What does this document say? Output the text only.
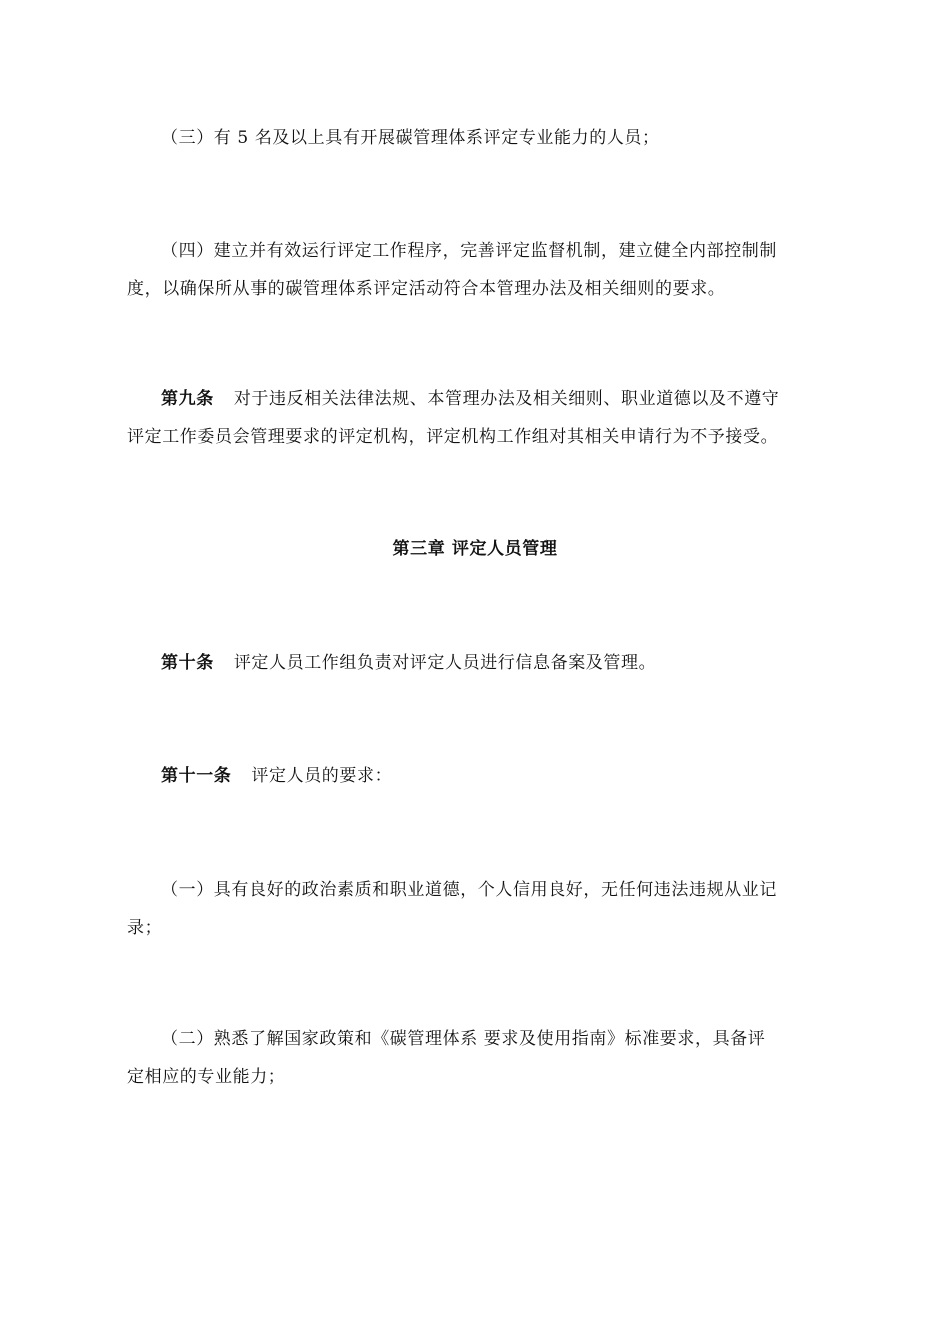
（三）有 5 名及以上具有开展碳管理体系评定专业能力的人员；

（四）建立并有效运行评定工作程序，完善评定监督机制，建立健全内部控制制
度，以确保所从事的碳管理体系评定活动符合本管理办法及相关细则的要求。

第九条 对于违反相关法律法规、本管理办法及相关细则、职业道德以及不遵守
评定工作委员会管理要求的评定机构，评定机构工作组对其相关申请行为不予接受。

第三章 评定人员管理

第十条 评定人员工作组负责对评定人员进行信息备案及管理。

第十一条 评定人员的要求：

（一）具有良好的政治素质和职业道德，个人信用良好，无任何违法违规从业记
录；

（二）熟悉了解国家政策和《碳管理体系 要求及使用指南》标准要求，具备评
定相应的专业能力；
